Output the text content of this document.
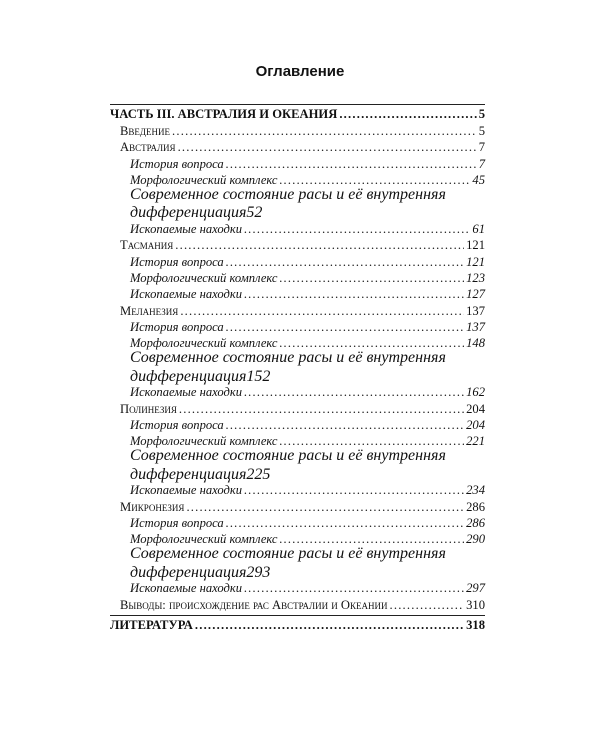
Оглавление
ЧАСТЬ III. АВСТРАЛИЯ И ОКЕАНИЯ .....	5
Введение .....	5
Австралия .....	7
История вопроса .....	7
Морфологический комплекс .....	45
Современное состояние расы и её внутренняя
дифференциация 52
Ископаемые находки .....	61
Тасмания .....	121
История вопроса .....	121
Морфологический комплекс .....	123
Ископаемые находки .....	127
Меланезия .....	137
История вопроса .....	137
Морфологический комплекс .....	148
Современное состояние расы и её внутренняя
дифференциация 152
Ископаемые находки .....	162
Полинезия .....	204
История вопроса .....	204
Морфологический комплекс .....	221
Современное состояние расы и её внутренняя
дифференциация 225
Ископаемые находки .....	234
Микронезия .....	286
История вопроса .....	286
Морфологический комплекс .....	290
Современное состояние расы и её внутренняя
дифференциация 293
Ископаемые находки .....	297
Выводы: происхождение рас Австралии и Океании .....	310
ЛИТЕРАТУРА .....	318
